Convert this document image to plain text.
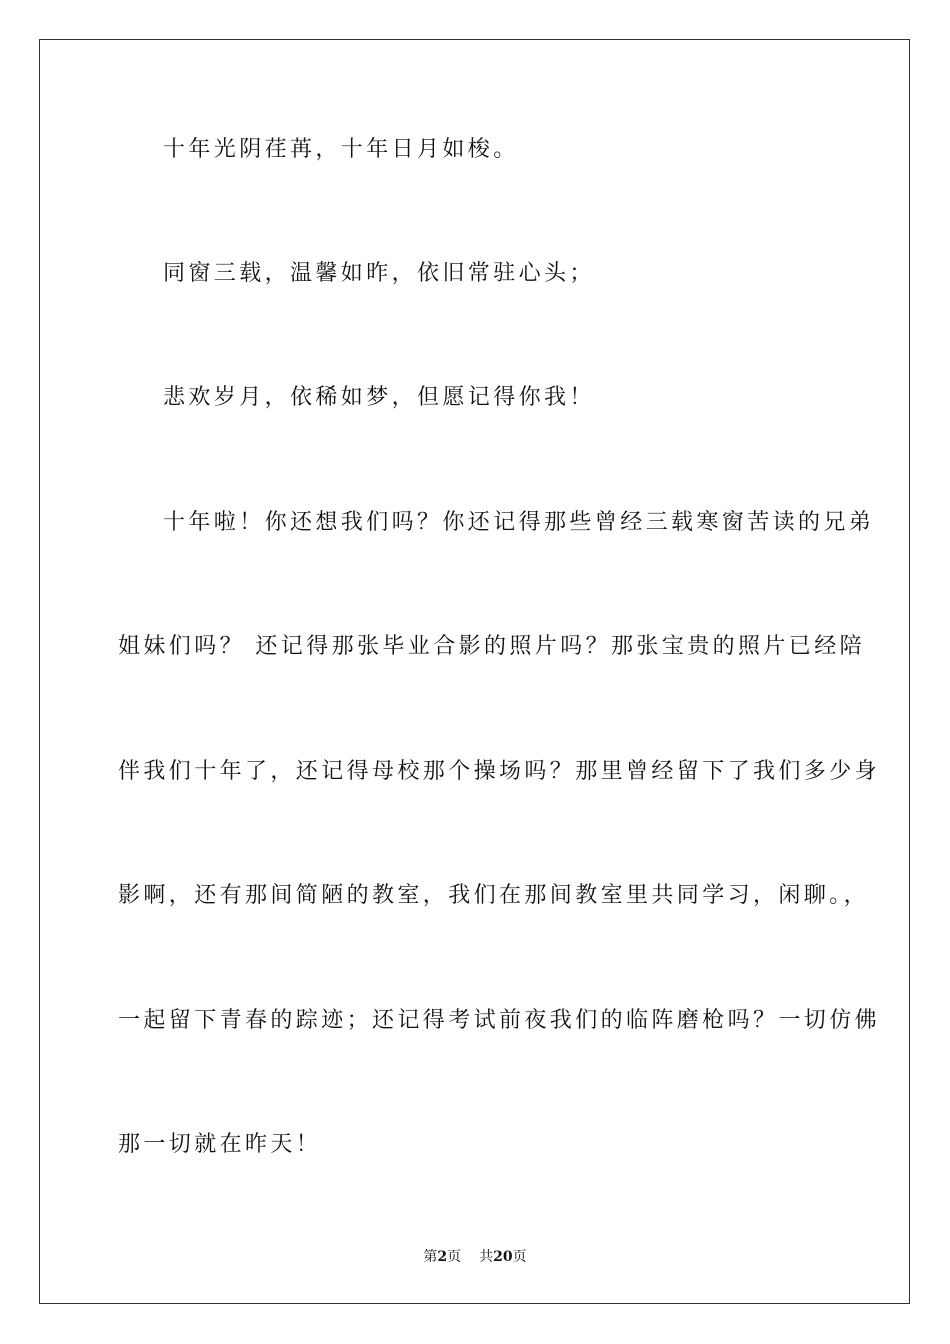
十年光阴荏苒，十年日月如梭。
同窗三载，温馨如昨，依旧常驻心头；
悲欢岁月，依稀如梦，但愿记得你我！
十年啦！你还想我们吗？你还记得那些曾经三载寒窗苦读的兄弟
姐妹们吗？ 还记得那张毕业合影的照片吗？那张宝贵的照片已经陪
伴我们十年了，还记得母校那个操场吗？那里曾经留下了我们多少身
影啊，还有那间简陋的教室，我们在那间教室里共同学习，闲聊。，
一起留下青春的踪迹；还记得考试前夜我们的临阵磨枪吗？一切仿佛
那一切就在昨天！
第2页 共20页
